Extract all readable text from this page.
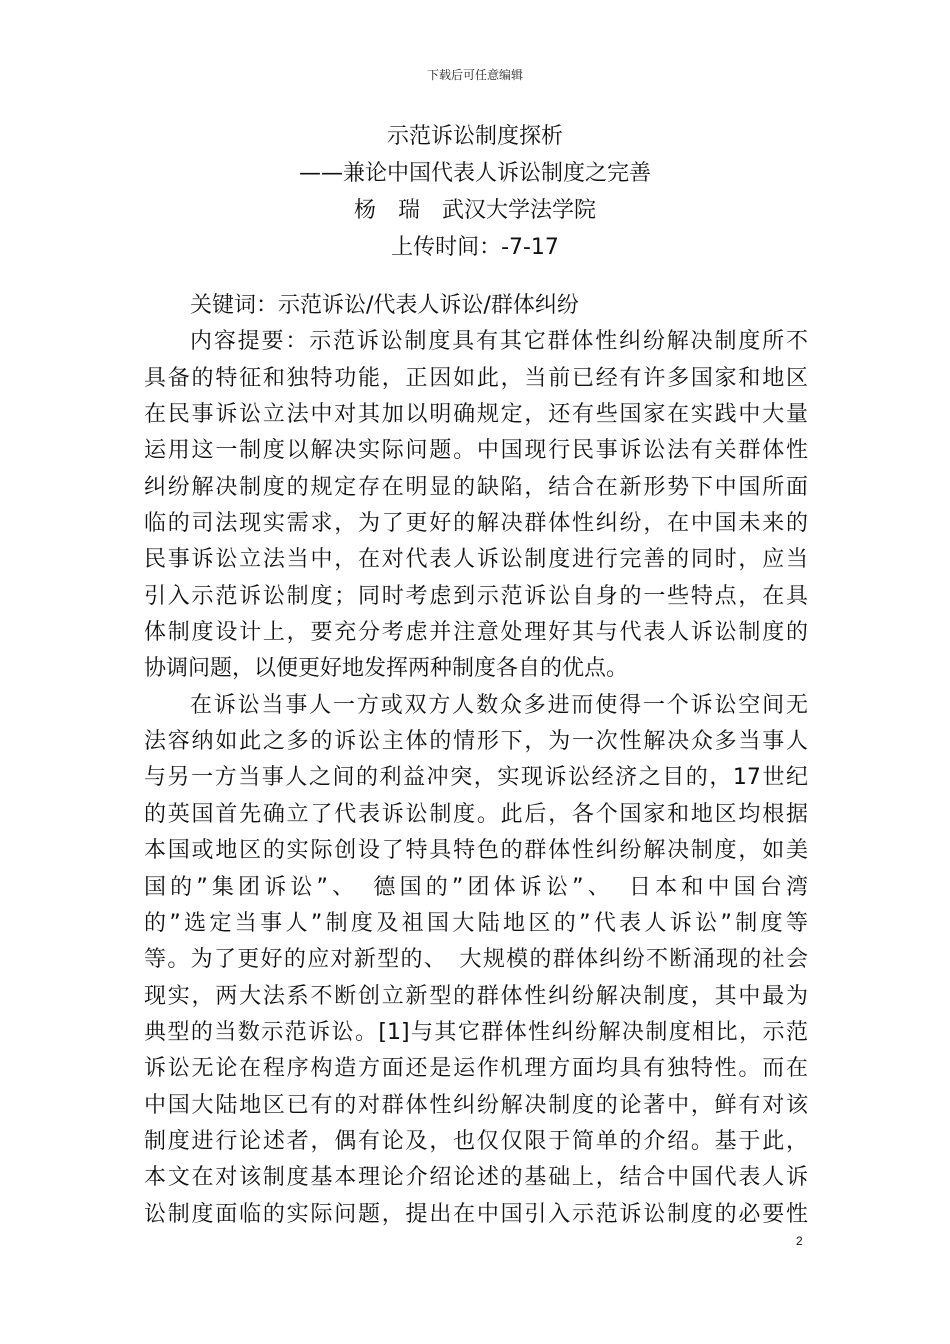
下载后可任意编辑
示范诉讼制度探析
——兼论中国代表人诉讼制度之完善
杨　瑞　武汉大学法学院
上传时间：-7-17
关键词：示范诉讼/代表人诉讼/群体纠纷
内容提要：示范诉讼制度具有其它群体性纠纷解决制度所不
具备的特征和独特功能，正因如此，当前已经有许多国家和地区
在民事诉讼立法中对其加以明确规定，还有些国家在实践中大量
运用这一制度以解决实际问题。中国现行民事诉讼法有关群体性
纠纷解决制度的规定存在明显的缺陷，结合在新形势下中国所面
临的司法现实需求，为了更好的解决群体性纠纷，在中国未来的
民事诉讼立法当中，在对代表人诉讼制度进行完善的同时，应当
引入示范诉讼制度；同时考虑到示范诉讼自身的一些特点，在具
体制度设计上，要充分考虑并注意处理好其与代表人诉讼制度的
协调问题，以便更好地发挥两种制度各自的优点。
在诉讼当事人一方或双方人数众多进而使得一个诉讼空间无
法容纳如此之多的诉讼主体的情形下，为一次性解决众多当事人
与另一方当事人之间的利益冲突，实现诉讼经济之目的，17世纪
的英国首先确立了代表诉讼制度。此后，各个国家和地区均根据
本国或地区的实际创设了特具特色的群体性纠纷解决制度，如美
国的”集团诉讼”、　德国的”团体诉讼”、　日本和中国台湾
的”选定当事人”制度及祖国大陆地区的”代表人诉讼”制度等
等。为了更好的应对新型的、　大规模的群体纠纷不断涌现的社会
现实，两大法系不断创立新型的群体性纠纷解决制度，其中最为
典型的当数示范诉讼。[1]与其它群体性纠纷解决制度相比，示范
诉讼无论在程序构造方面还是运作机理方面均具有独特性。而在
中国大陆地区已有的对群体性纠纷解决制度的论著中，鲜有对该
制度进行论述者，偶有论及，也仅仅限于简单的介绍。基于此，
本文在对该制度基本理论介绍论述的基础上，结合中国代表人诉
讼制度面临的实际问题，提出在中国引入示范诉讼制度的必要性
2
